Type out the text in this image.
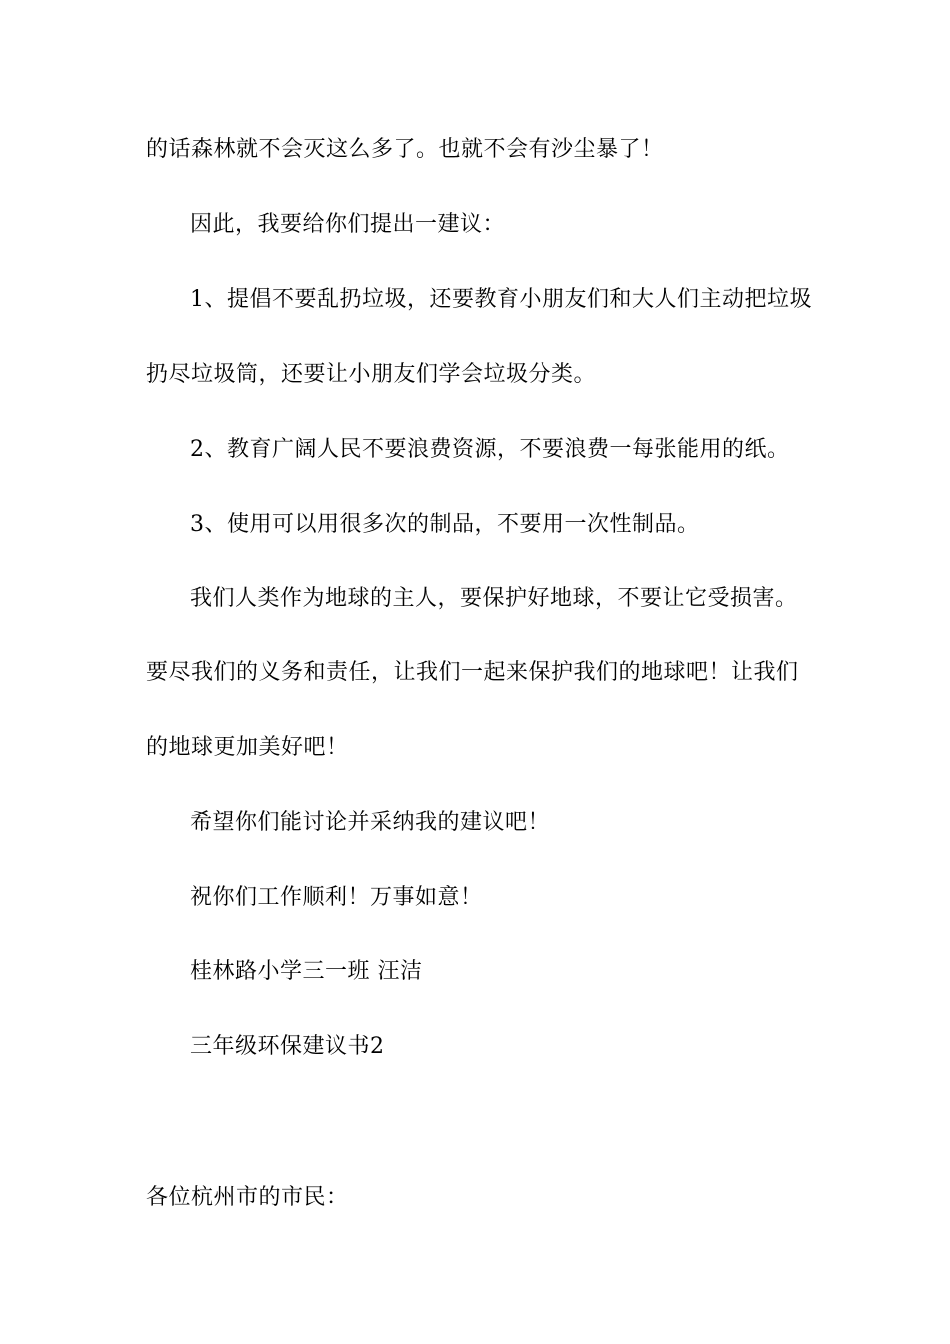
的话森林就不会灭这么多了。也就不会有沙尘暴了！
因此，我要给你们提出一建议：
1、提倡不要乱扔垃圾，还要教育小朋友们和大人们主动把垃圾
扔尽垃圾筒，还要让小朋友们学会垃圾分类。
2、教育广阔人民不要浪费资源，不要浪费一每张能用的纸。
3、使用可以用很多次的制品，不要用一次性制品。
我们人类作为地球的主人，要保护好地球，不要让它受损害。
要尽我们的义务和责任，让我们一起来保护我们的地球吧！让我们
的地球更加美好吧！
希望你们能讨论并采纳我的建议吧！
祝你们工作顺利！万事如意！
桂林路小学三一班 汪洁
三年级环保建议书2
各位杭州市的市民：
